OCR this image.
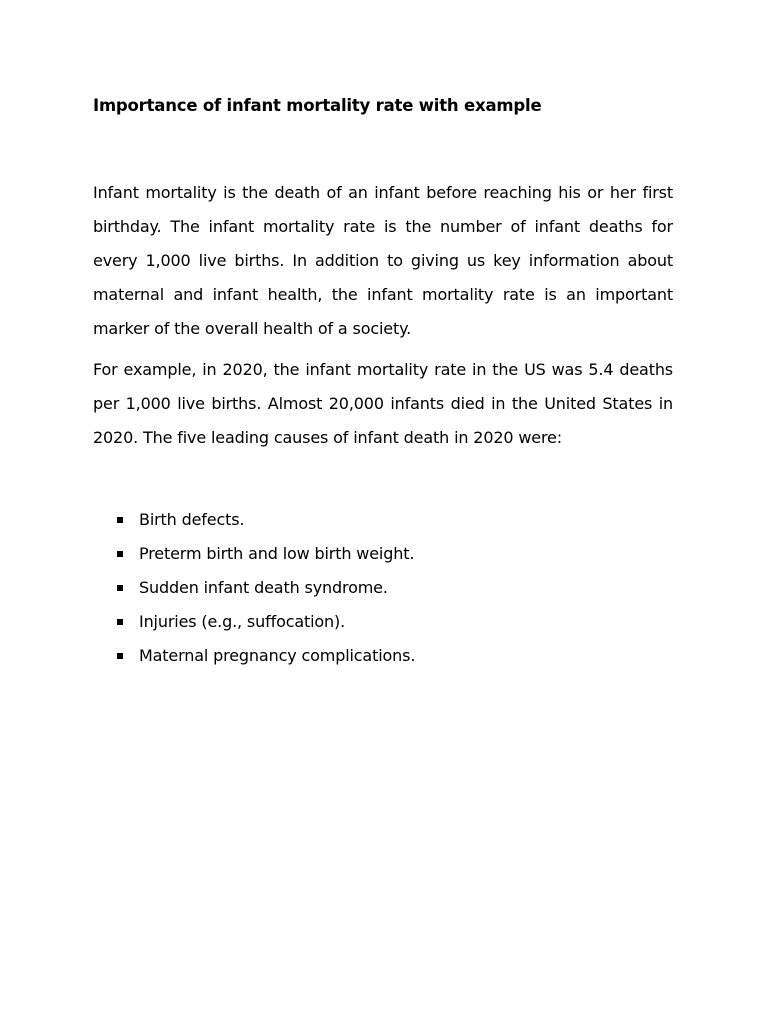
Importance of infant mortality rate with example

Infant mortality is the death of an infant before reaching his or her first birthday. The infant mortality rate is the number of infant deaths for every 1,000 live births. In addition to giving us key information about maternal and infant health, the infant mortality rate is an important marker of the overall health of a society.

For example, in 2020, the infant mortality rate in the US was 5.4 deaths per 1,000 live births. Almost 20,000 infants died in the United States in 2020. The five leading causes of infant death in 2020 were:

Birth defects.
Preterm birth and low birth weight.
Sudden infant death syndrome.
Injuries (e.g., suffocation).
Maternal pregnancy complications.
